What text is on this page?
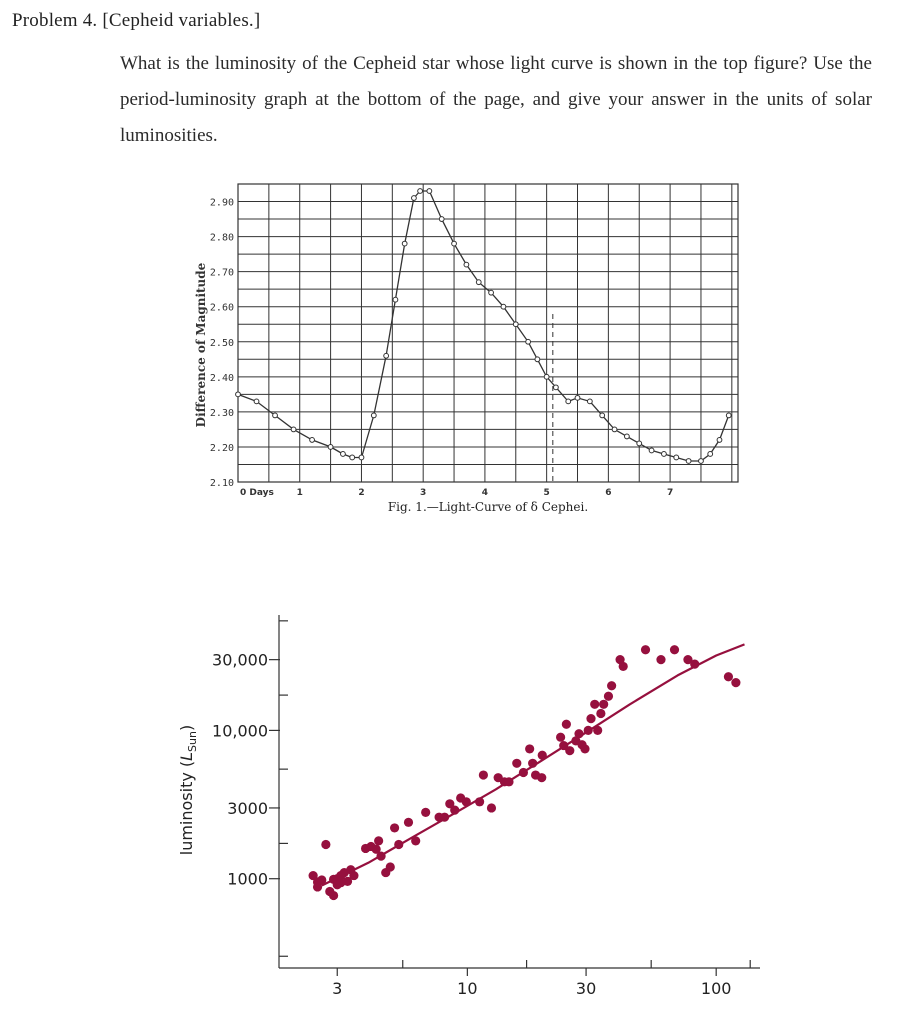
Problem 4. [Cepheid variables.]
What is the luminosity of the Cepheid star whose light curve is shown in the top figure? Use the period-luminosity graph at the bottom of the page, and give your answer in the units of solar luminosities.
2.90
2.80
2.70
2.60
2.50
2.40
2.30
2.20
2.10
0 Days	1	2	3	4	5	6	7
Difference of Magnitude
Fig. 1.—Light-Curve of δ Cephei.
1000
3000
10,000
30,000
3	10	30	100
luminosity $(L_{Sun})$
